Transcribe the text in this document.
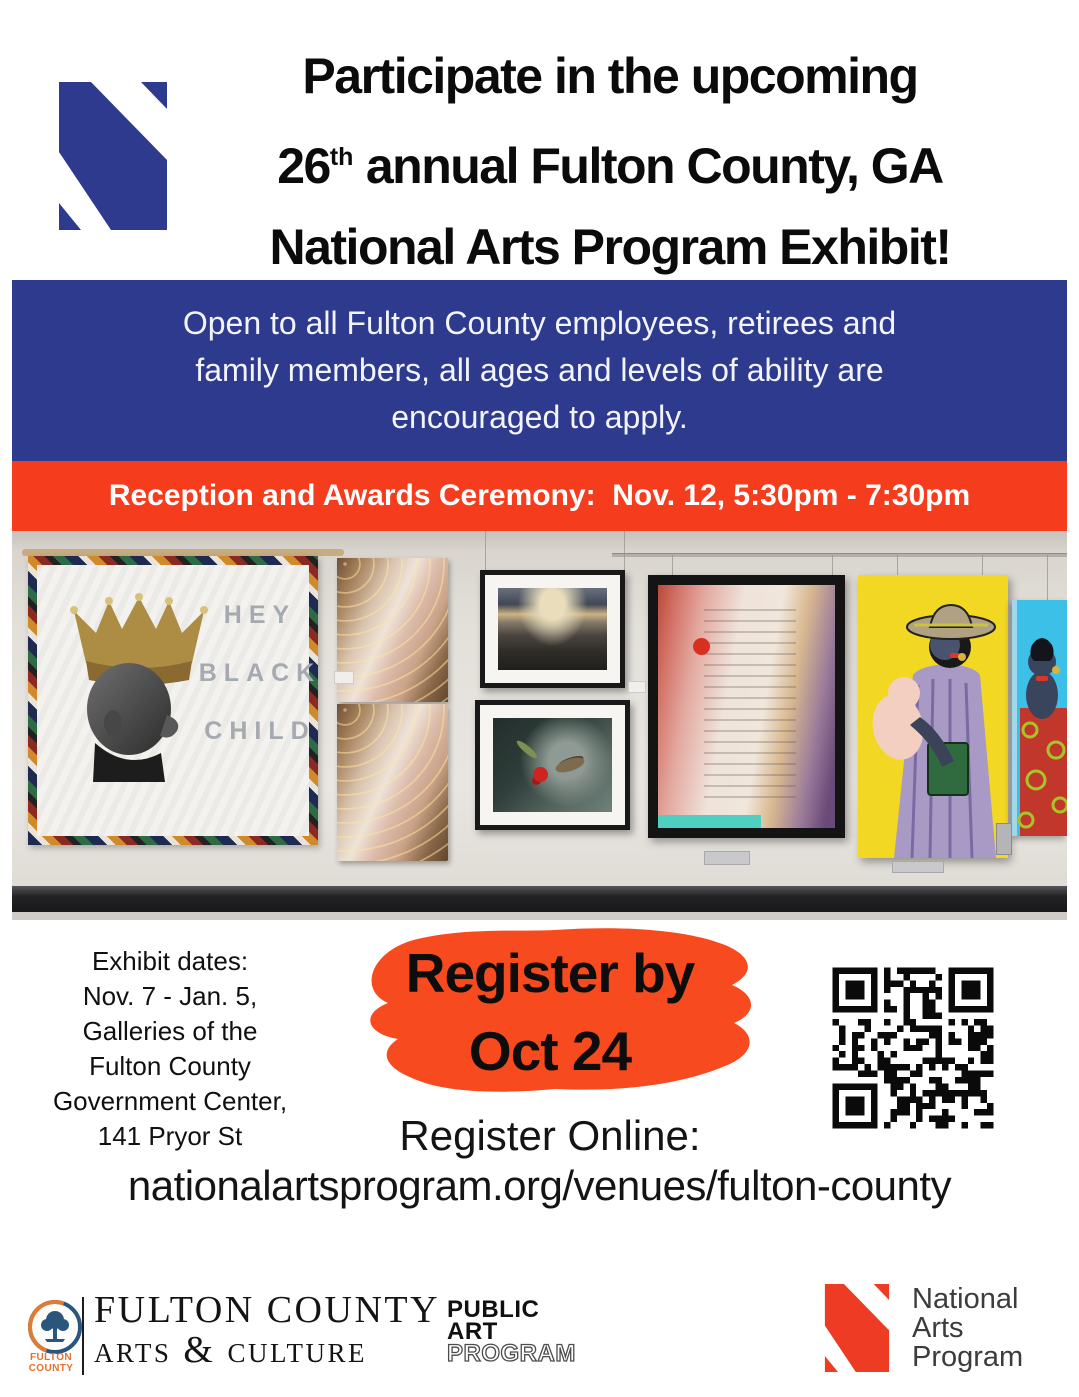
Participate in the upcoming
26th annual Fulton County, GA
National Arts Program Exhibit!
Open to all Fulton County employees, retirees and
family members, all ages and levels of ability are
encouraged to apply.
Reception and Awards Ceremony:  Nov. 12, 5:30pm - 7:30pm
HEY
BLACK
CHILD
Exhibit dates:
Nov. 7 - Jan. 5,
Galleries of the
Fulton County
Government Center,
141 Pryor St
Register by
Oct 24
Register Online:
nationalartsprogram.org/venues/fulton-county
FULTON
COUNTY
FULTON COUNTY
arts & culture
PUBLIC
ART
PROGRAM
National
Arts
Program
